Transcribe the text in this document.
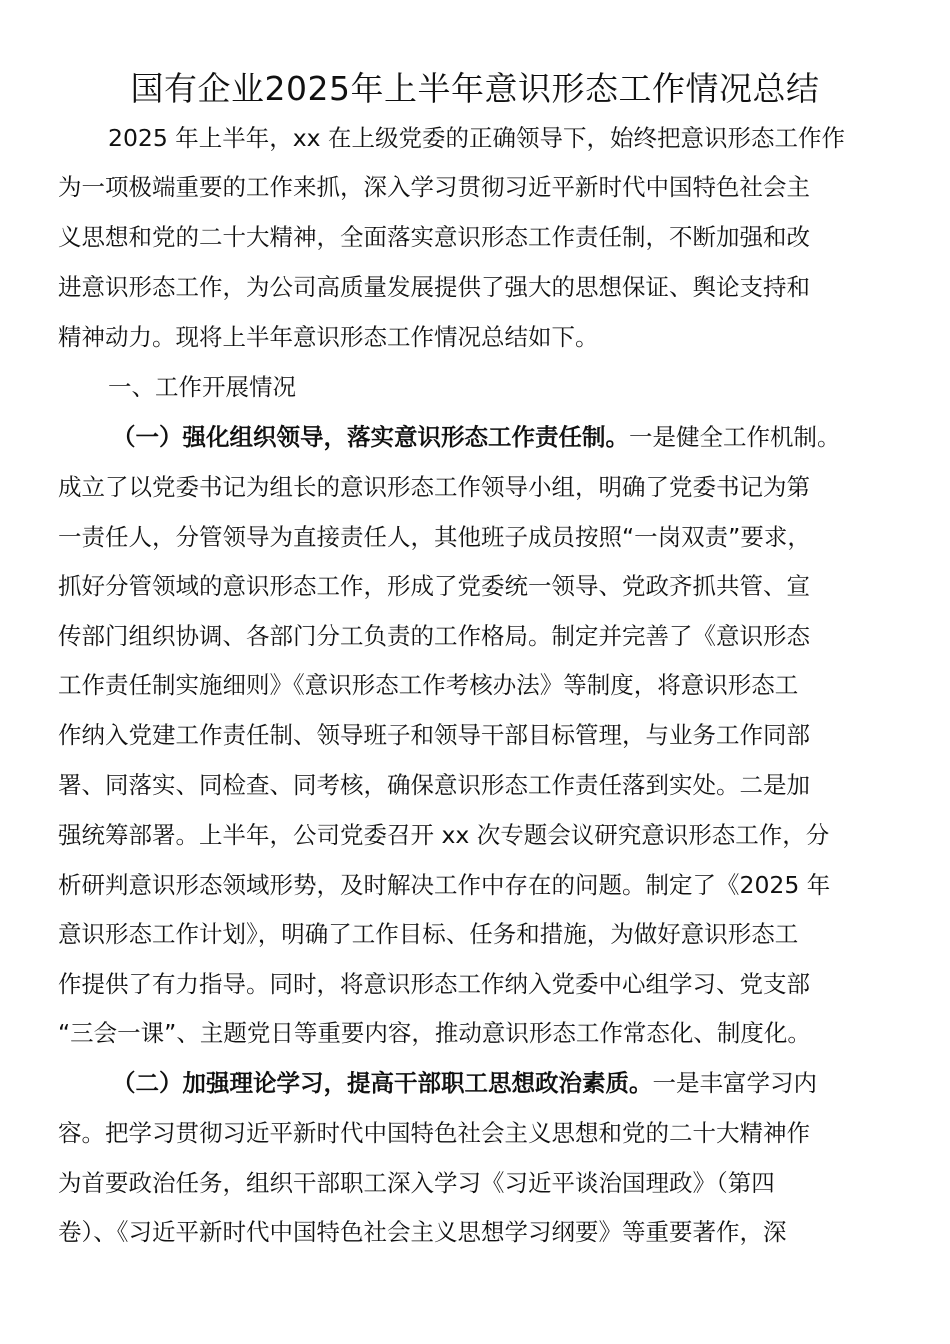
国有企业2025年上半年意识形态工作情况总结
2025 年上半年，xx 在上级党委的正确领导下，始终把意识形态工作作
为一项极端重要的工作来抓，深入学习贯彻习近平新时代中国特色社会主
义思想和党的二十大精神，全面落实意识形态工作责任制，不断加强和改
进意识形态工作，为公司高质量发展提供了强大的思想保证、舆论支持和
精神动力。现将上半年意识形态工作情况总结如下。
一、工作开展情况
（一）强化组织领导，落实意识形态工作责任制。一是健全工作机制。
成立了以党委书记为组长的意识形态工作领导小组，明确了党委书记为第
一责任人，分管领导为直接责任人，其他班子成员按照“一岗双责”要求，
抓好分管领域的意识形态工作，形成了党委统一领导、党政齐抓共管、宣
传部门组织协调、各部门分工负责的工作格局。制定并完善了《意识形态
工作责任制实施细则》《意识形态工作考核办法》等制度，将意识形态工
作纳入党建工作责任制、领导班子和领导干部目标管理，与业务工作同部
署、同落实、同检查、同考核，确保意识形态工作责任落到实处。二是加
强统筹部署。上半年，公司党委召开 xx 次专题会议研究意识形态工作，分
析研判意识形态领域形势，及时解决工作中存在的问题。制定了《2025 年
意识形态工作计划》，明确了工作目标、任务和措施，为做好意识形态工
作提供了有力指导。同时，将意识形态工作纳入党委中心组学习、党支部
“三会一课”、主题党日等重要内容，推动意识形态工作常态化、制度化。
（二）加强理论学习，提高干部职工思想政治素质。一是丰富学习内
容。把学习贯彻习近平新时代中国特色社会主义思想和党的二十大精神作
为首要政治任务，组织干部职工深入学习《习近平谈治国理政》（第四
卷）、《习近平新时代中国特色社会主义思想学习纲要》等重要著作，深
